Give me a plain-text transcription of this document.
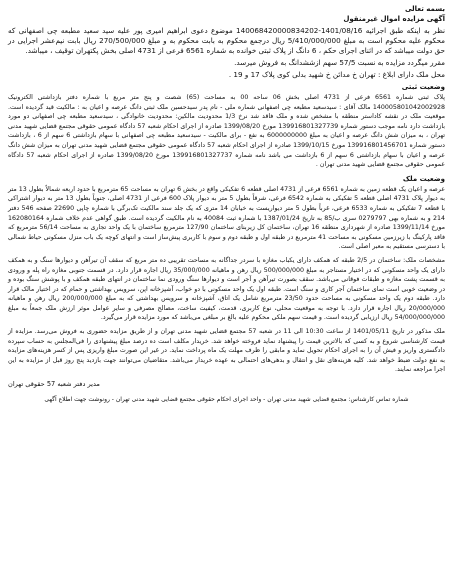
بسمه تعالی

آگهی مزایده اموال غیرمنقول

نظر به اینکه طبق اجرائیه 1401/08/16-140068420000834202 موضوع دعوی ابراهیم امیری پور علیه سید سعید مطبعه چی اصفهانی که محکوم علیه محکوم است به مبلغ 5/410/000/000 ریال درجمع محکوم به بابت محکوم به و مبلغ 270/500/000 ریال بابت نیم‌عشر اجرایی در حق دولت میباشد که در اثنای اجرای حکم ، 6 دانگ از پلاک ثبتی خوانده به شماره 6561 فرعی از 4731 اصلی بخش پکتهران توقیف ، میباشد.

مقرر میگردد مزایده به نسبت 57/5 سهم ازششدانگ به فروش میرسد.

محل ملک دارای ابلاغ : تهران خ مدائن خ شهید بدلی کوی پلاک 17 و 19 .

وضعیت ثبتی

پلاک ثبتی شماره 6561 فرعی از 4731 اصلی بخش 06 ساحه 00 به مساحت (65) شصت و پنج متر مربع با شماره دفتر بازداشتی الکترونیک 140005801042002928 مالک آقای : سیدسعید مطبعه چی اصفهانی شماره ملی - نام پدر سیدحسین ملک ثبتی دانگ عرصه و اعیان به : مالکیت قید گردیده است. موقعیت ملک در نقشه کاداستر منطقه با مشخص شده و ملک فاقد شد نرخ 1/3 محدودیت مالکین: محدودیت خانوادگی ، سیدسعید مطبعه چی اصفهانی دو مورد بازداشت دارد نامه موجب دستور شماره 139916801327739 مورخ 1399/08/20 صادره از اجرای احکام شعبه 57 دادگاه عمومی حقوقی مجتمع قضایی شهید مدنی تهران ، به میزان شش دانگ عرصه و اعیان به مبلغ 6000000000 به نفع - برای مالکیت - سیدسعید مطبعه چی اصفهانی با سهام بازداشتی 6 سهم از 6 ، بازداشت دستور شماره 139916801456701 مورخ 1399/10/15 صادره از اجرای احکام شعبه 57 دادگاه عمومی حقوقی مجتمع قضایی شهید مدنی تهران به میزان شش دانگ عرصه و اعیان با سهام بازداشتی 6 سهم از 6 بازداشت می باشد نامه شماره 139916801327737 مورخ 1399/08/20 صادره از اجرای احکام شعبه 57 دادگاه عمومی حقوقی مجتمع قضایی شهید مدنی تهران .

وضعیت ملک

عرصه و اعیان یک قطعه زمین به شماره 6561 فرعی از 4731 اصلی قطعه 6 تفکیکی واقع در بخش 6 تهران به مساحت 65 مترمربع با حدود اربعه شمالاً بطول 13 متر به دیوار پلاک 4731 اصلی قطعه 5 تفکیکی به شماره 6542 فرعی، شرقاً بطول 5 متر به دیوار پلاک 600 فرعی از 4731 اصلی، جنوباً بطول 13 متر به دیوار اشتراکی با قطعه 7 تفکیکی به شماره 6533 فرعی، غرباً بطول 5 متر دیواریست به خیابان 14 متری که یک جلد سند مالکیت تک‌برگی با شماره چاپی 22690 صفحه 546 دفتر 214 و به شماره بهی 0279797 سری ب/85 به تاریخ 1387/01/24 با شماره ثبت 40084 به نام مالکیت گردیده است. طبق گواهی عدم خلاف شماره 162080164 مورخ 1399/11/14 صادره از شهرداری منطقه 16 تهران، ساختمان کل زیربنای ساختمان 127/90 مترمربع ساختمان با یک واحد تجاری به مساحت 56/14 مترمربع که فاقد پارکینگ با زیرزمین مسکونی به مساحت 41 مترمربع در طبقه اول و طبقه دوم و سوم با کاربری پیش‌ساز است و انتهای کوچه یک باب منزل مسکونی حیاط شمالی با دسترسی مستقیم به معبر اصلی است.

مشخصات ملک: ساختمان در 2/5 طبقه که همکف دارای یکباب مغازه با سردر جداگانه به مساحت تقریبی ده متر مربع که سقف آن تیرآهن و دیوارها سنگ و به همکف دارای یک واحد مسکونی که در اختیار مستاجر به مبلغ 500/000/000 ریال رهن و ماهیانه 35/000/000 ریال اجاره قرار دارد. در قسمت جنوبی مغازه راه پله و ورودی به قسمت پشت مغازه و طبقات فوقانی می‌باشد. سقف بصورت تیرآهن و آجر است و دیوارها سنگ ورودی نما ساختمان در انتهای طبقه همکف و با پوشش سنگ بوده و در وضعیت خوبی است نمای ساختمان آجر کاری و سنگ است. طبقه اول یک واحد مسکونی با دو خواب، آشپزخانه اپن، سرویس بهداشتی و حمام که در اختیار مالک قرار دارد. طبقه دوم یک واحد مسکونی به مساحت حدود 23/50 مترمربع شامل یک اتاق، آشپزخانه و سرویس بهداشتی که به مبلغ 200/000/000 ریال رهن و ماهیانه 20/000/000 ریال اجاره قرار دارد. با توجه به موقعیت محلی، نوع کاربری، قدمت، کیفیت ساخت، مصالح مصرفی و سایر عوامل موثر ارزش ملک جمعاً به مبلغ 54/000/000/000 ریال ارزیابی گردیده است. و قیمت سهم ملکی محکوم علیه بالغ بر مبلغی می‌باشد که مورد مزایده قرار می‌گیرد.

ملک مذکور در تاریخ 1401/05/11 از ساعت 10:30 الی 11 در شعبه 57 مجتمع قضایی شهید مدنی تهران و از طریق مزایده حضوری به فروش می‌رسد. مزایده از قیمت کارشناسی شروع و به کسی که بالاترین قیمت را پیشنهاد نماید فروخته خواهد شد. خریدار مکلف است ده درصد مبلغ پیشنهادی را فی‌المجلس به حساب سپرده دادگستری واریز و فیش آن را به اجرای احکام تحویل نماید و مابقی را ظرف مهلت یک ماه پرداخت نماید. در غیر این صورت مبلغ واریزی پس از کسر هزینه‌های مزایده به نفع دولت ضبط خواهد شد. کلیه هزینه‌های نقل و انتقال و بدهی‌های احتمالی به عهده خریدار می‌باشد. متقاضیان می‌توانند جهت بازدید پنج روز قبل از مزایده به این اجرا مراجعه نمایند.

مدیر دفتر شعبه 57 حقوقی تهران

شماره تماس کارشناس: مجتمع قضایی شهید مدنی تهران - واحد اجرای احکام حقوقی مجتمع قضایی شهید مدنی تهران - رونوشت جهت اطلاع آگهی
